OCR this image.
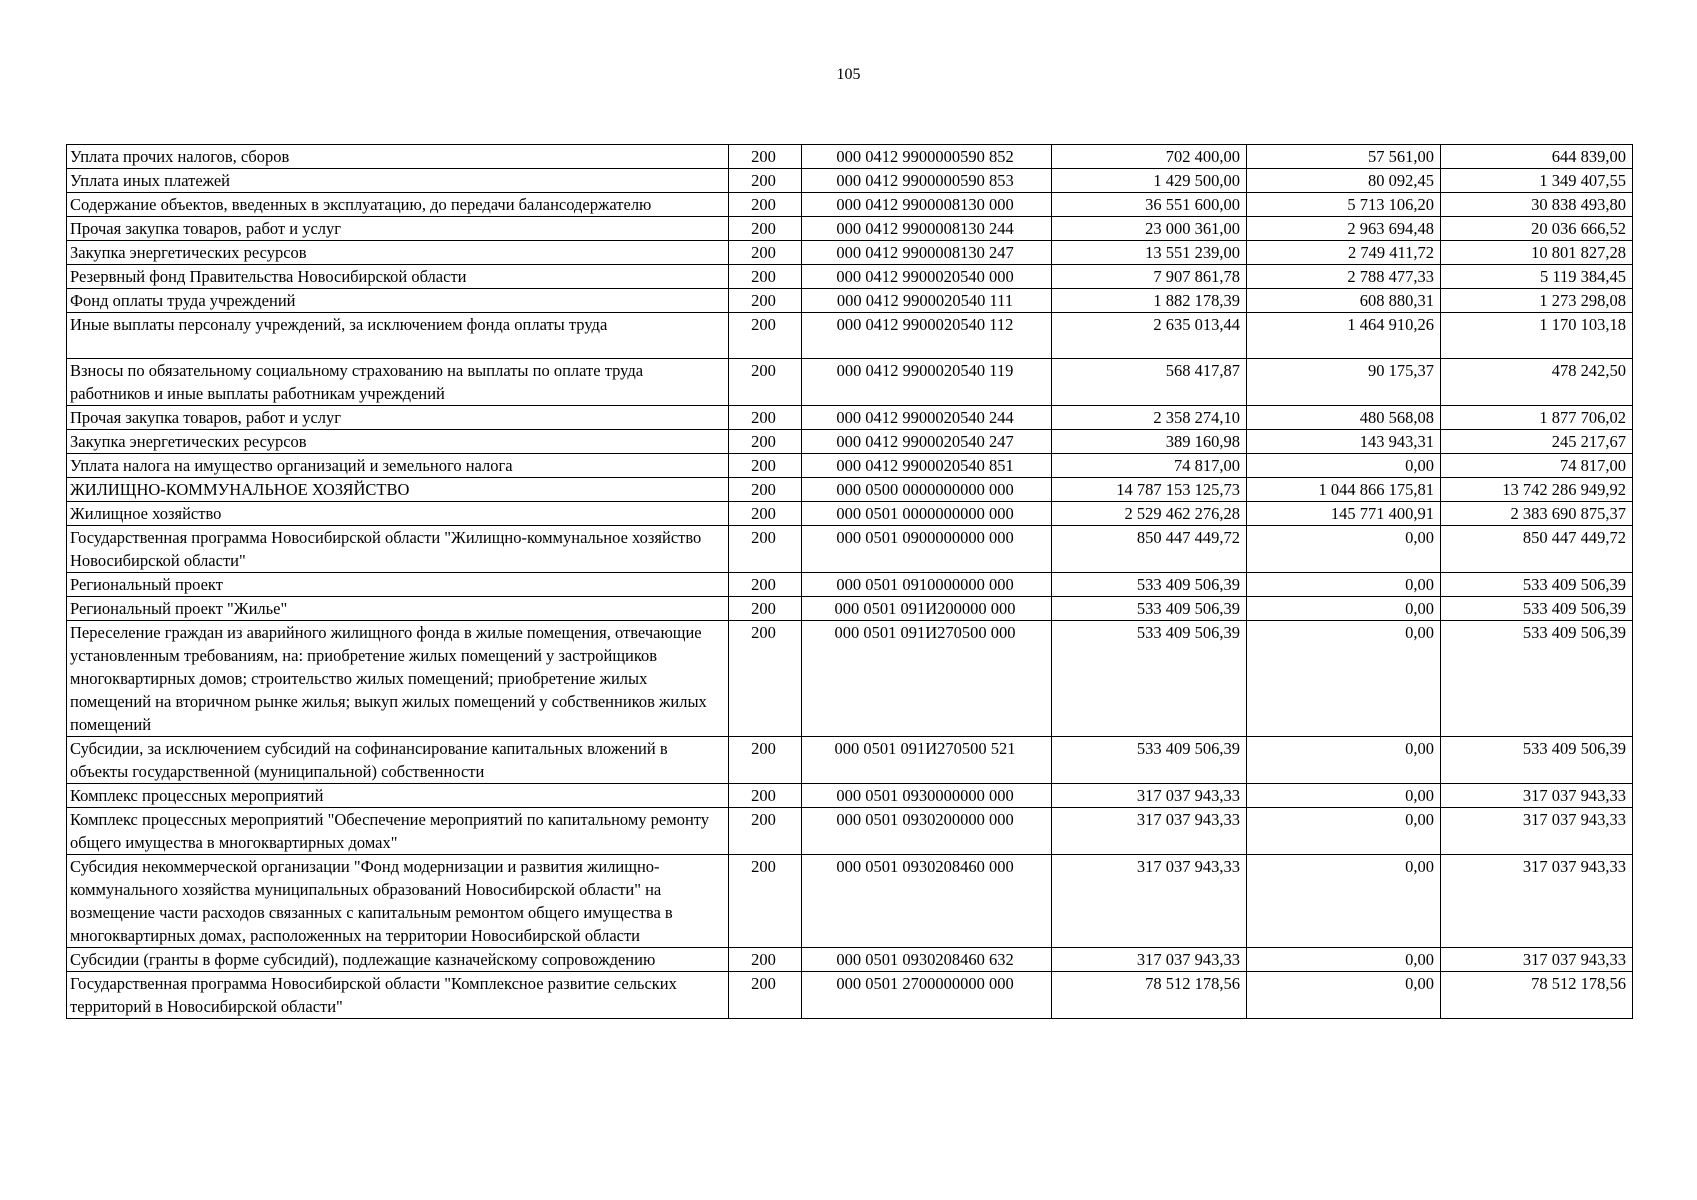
105
Уплата прочих налогов, сборов	200	000 0412 9900000590 852	702 400,00	57 561,00	644 839,00
Уплата иных платежей	200	000 0412 9900000590 853	1 429 500,00	80 092,45	1 349 407,55
Содержание объектов, введенных в эксплуатацию, до передачи балансодержателю	200	000 0412 9900008130 000	36 551 600,00	5 713 106,20	30 838 493,80
Прочая закупка товаров, работ и услуг	200	000 0412 9900008130 244	23 000 361,00	2 963 694,48	20 036 666,52
Закупка энергетических ресурсов	200	000 0412 9900008130 247	13 551 239,00	2 749 411,72	10 801 827,28
Резервный фонд Правительства Новосибирской области	200	000 0412 9900020540 000	7 907 861,78	2 788 477,33	5 119 384,45
Фонд оплаты труда учреждений	200	000 0412 9900020540 111	1 882 178,39	608 880,31	1 273 298,08
Иные выплаты персоналу учреждений, за исключением фонда оплаты труда	200	000 0412 9900020540 112	2 635 013,44	1 464 910,26	1 170 103,18
Взносы по обязательному социальному страхованию на выплаты по оплате труда работников и иные выплаты работникам учреждений	200	000 0412 9900020540 119	568 417,87	90 175,37	478 242,50
Прочая закупка товаров, работ и услуг	200	000 0412 9900020540 244	2 358 274,10	480 568,08	1 877 706,02
Закупка энергетических ресурсов	200	000 0412 9900020540 247	389 160,98	143 943,31	245 217,67
Уплата налога на имущество организаций и земельного налога	200	000 0412 9900020540 851	74 817,00	0,00	74 817,00
ЖИЛИЩНО-КОММУНАЛЬНОЕ ХОЗЯЙСТВО	200	000 0500 0000000000 000	14 787 153 125,73	1 044 866 175,81	13 742 286 949,92
Жилищное хозяйство	200	000 0501 0000000000 000	2 529 462 276,28	145 771 400,91	2 383 690 875,37
Государственная программа Новосибирской области "Жилищно-коммунальное хозяйство Новосибирской области"	200	000 0501 0900000000 000	850 447 449,72	0,00	850 447 449,72
Региональный проект	200	000 0501 0910000000 000	533 409 506,39	0,00	533 409 506,39
Региональный проект "Жилье"	200	000 0501 091И200000 000	533 409 506,39	0,00	533 409 506,39
Переселение граждан из аварийного жилищного фонда в жилые помещения, отвечающие установленным требованиям, на: приобретение жилых помещений у застройщиков многоквартирных домов; строительство жилых помещений; приобретение жилых помещений на вторичном рынке жилья; выкуп жилых помещений у собственников жилых помещений	200	000 0501 091И270500 000	533 409 506,39	0,00	533 409 506,39
Субсидии, за исключением субсидий на софинансирование капитальных вложений в объекты государственной (муниципальной) собственности	200	000 0501 091И270500 521	533 409 506,39	0,00	533 409 506,39
Комплекс процессных мероприятий	200	000 0501 0930000000 000	317 037 943,33	0,00	317 037 943,33
Комплекс процессных мероприятий "Обеспечение мероприятий по капитальному ремонту общего имущества в многоквартирных домах"	200	000 0501 0930200000 000	317 037 943,33	0,00	317 037 943,33
Субсидия некоммерческой организации "Фонд модернизации и развития жилищно-коммунального хозяйства муниципальных образований Новосибирской области" на возмещение части расходов связанных с капитальным ремонтом общего имущества в многоквартирных домах, расположенных на территории Новосибирской области	200	000 0501 0930208460 000	317 037 943,33	0,00	317 037 943,33
Субсидии (гранты в форме субсидий), подлежащие казначейскому сопровождению	200	000 0501 0930208460 632	317 037 943,33	0,00	317 037 943,33
Государственная программа Новосибирской области "Комплексное развитие сельских территорий в Новосибирской области"	200	000 0501 2700000000 000	78 512 178,56	0,00	78 512 178,56
